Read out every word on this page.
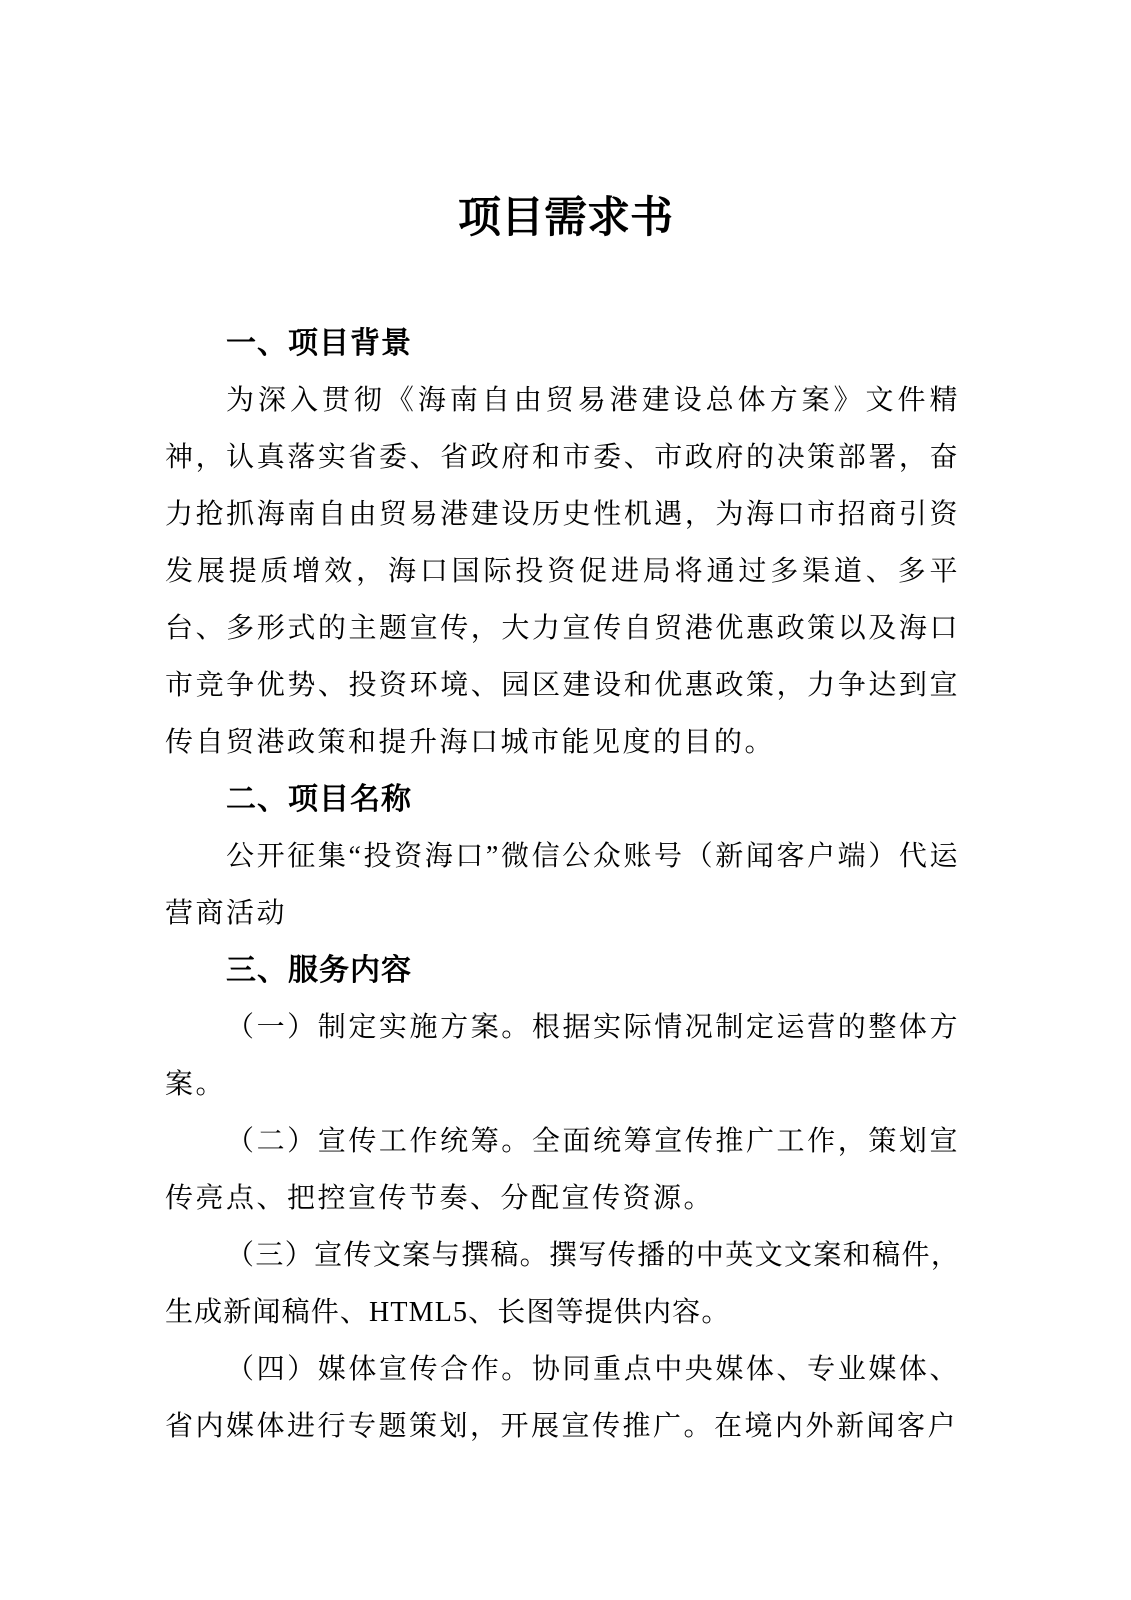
项目需求书
一、项目背景

为深入贯彻《海南自由贸易港建设总体方案》文件精神，认真落实省委、省政府和市委、市政府的决策部署，奋力抢抓海南自由贸易港建设历史性机遇，为海口市招商引资发展提质增效，海口国际投资促进局将通过多渠道、多平台、多形式的主题宣传，大力宣传自贸港优惠政策以及海口市竞争优势、投资环境、园区建设和优惠政策，力争达到宣传自贸港政策和提升海口城市能见度的目的。

二、项目名称

公开征集“投资海口”微信公众账号（新闻客户端）代运营商活动

三、服务内容

（一）制定实施方案。根据实际情况制定运营的整体方案。

（二）宣传工作统筹。全面统筹宣传推广工作，策划宣传亮点、把控宣传节奏、分配宣传资源。

（三）宣传文案与撰稿。撰写传播的中英文文案和稿件，生成新闻稿件、HTML5、长图等提供内容。

（四）媒体宣传合作。协同重点中央媒体、专业媒体、省内媒体进行专题策划，开展宣传推广。在境内外新闻客户
